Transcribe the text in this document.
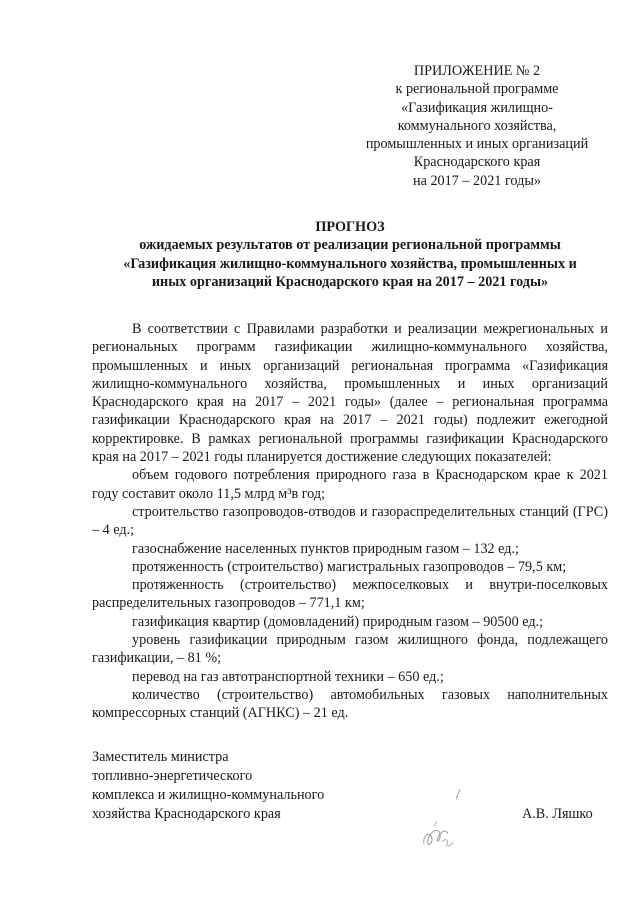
ПРИЛОЖЕНИЕ № 2
к региональной программе
«Газификация жилищно-
коммунального хозяйства,
промышленных и иных организаций
Краснодарского края
на 2017 – 2021 годы»
ПРОГНОЗ
ожидаемых результатов от реализации региональной программы
«Газификация жилищно-коммунального хозяйства, промышленных и
иных организаций Краснодарского края на 2017 – 2021 годы»

В соответствии с Правилами разработки и реализации межрегиональных и региональных программ газификации жилищно-коммунального хозяйства, промышленных и иных организаций региональная программа «Газификация жилищно-коммунального хозяйства, промышленных и иных организаций Краснодарского края на 2017 – 2021 годы» (далее – региональная программа газификации Краснодарского края на 2017 – 2021 годы) подлежит ежегодной корректировке. В рамках региональной программы газификации Краснодарского края на 2017 – 2021 годы планируется достижение следующих показателей:

объем годового потребления природного газа в Краснодарском крае к 2021 году составит около 11,5 млрд м³в год;

строительство газопроводов-отводов и газораспределительных станций (ГРС) – 4 ед.;

газоснабжение населенных пунктов природным газом – 132 ед.;

протяженность (строительство) магистральных газопроводов – 79,5 км;

протяженность (строительство) межпоселковых и внутри-поселковых распределительных газопроводов – 771,1 км;

газификация квартир (домовладений) природным газом – 90500 ед.;

уровень газификации природным газом жилищного фонда, подлежащего газификации, – 81 %;

перевод на газ автотранспортной техники – 650 ед.;

количество (строительство) автомобильных газовых наполнительных компрессорных станций (АГНКС) – 21 ед.

Заместитель министра
топливно-энергетического
комплекса и жилищно-коммунального
хозяйства Краснодарского края	А.В. Ляшко
